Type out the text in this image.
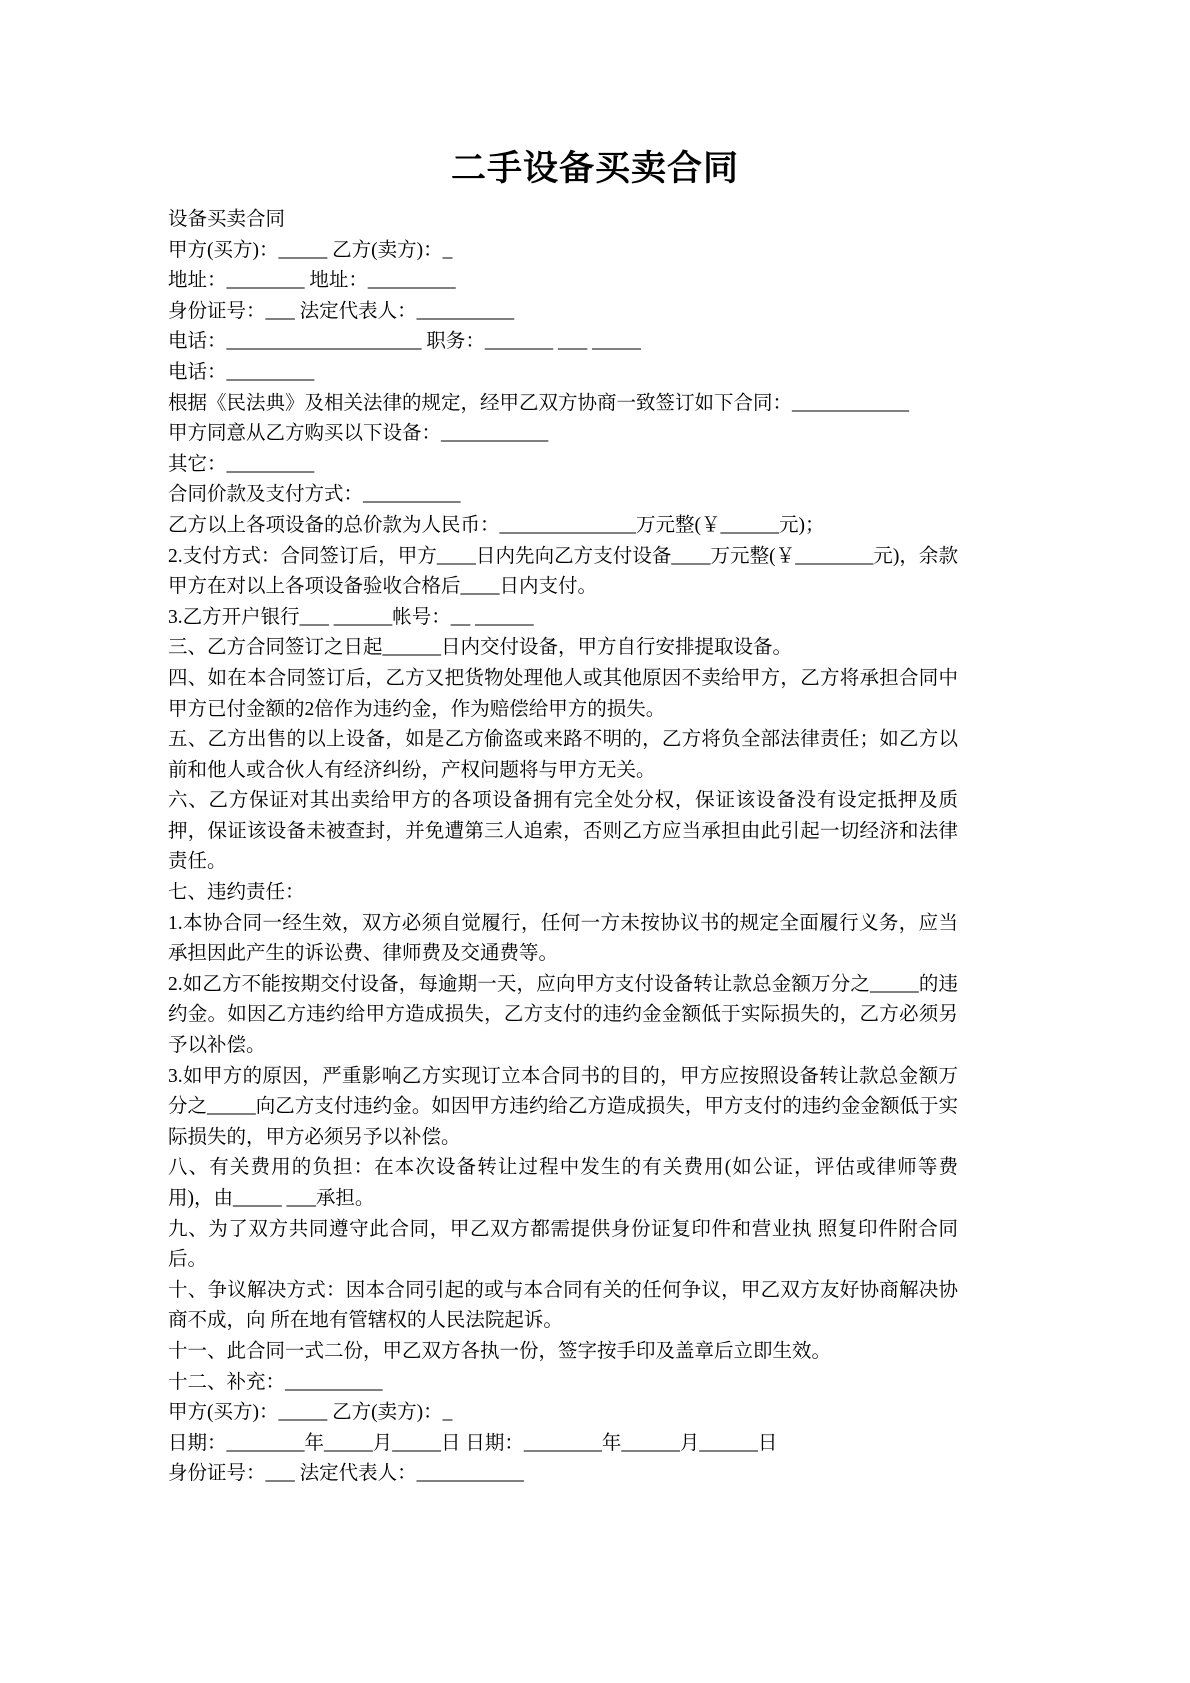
二手设备买卖合同

设备买卖合同

甲方(买方)：_____ 乙方(卖方)：_

地址：________ 地址：_________

身份证号：___ 法定代表人：__________

电话：____________________ 职务：_______ ___ _____

电话：_________

根据《民法典》及相关法律的规定，经甲乙双方协商一致签订如下合同：____________

甲方同意从乙方购买以下设备：___________

其它：_________

合同价款及支付方式：__________

乙方以上各项设备的总价款为人民币：______________万元整(￥______元)；

2.支付方式：合同签订后，甲方____日内先向乙方支付设备____万元整(￥________元)，余款甲方在对以上各项设备验收合格后____日内支付。

3.乙方开户银行___ ______帐号：__ ______

三、乙方合同签订之日起______日内交付设备，甲方自行安排提取设备。

四、如在本合同签订后，乙方又把货物处理他人或其他原因不卖给甲方，乙方将承担合同中甲方已付金额的2倍作为违约金，作为赔偿给甲方的损失。

五、乙方出售的以上设备，如是乙方偷盗或来路不明的，乙方将负全部法律责任；如乙方以前和他人或合伙人有经济纠纷，产权问题将与甲方无关。

六、乙方保证对其出卖给甲方的各项设备拥有完全处分权，保证该设备没有设定抵押及质押，保证该设备未被查封，并免遭第三人追索，否则乙方应当承担由此引起一切经济和法律责任。

七、违约责任：

1.本协合同一经生效，双方必须自觉履行，任何一方未按协议书的规定全面履行义务，应当承担因此产生的诉讼费、律师费及交通费等。

2.如乙方不能按期交付设备，每逾期一天，应向甲方支付设备转让款总金额万分之_____的违约金。如因乙方违约给甲方造成损失，乙方支付的违约金金额低于实际损失的，乙方必须另予以补偿。

3.如甲方的原因，严重影响乙方实现订立本合同书的目的，甲方应按照设备转让款总金额万分之_____向乙方支付违约金。如因甲方违约给乙方造成损失，甲方支付的违约金金额低于实际损失的，甲方必须另予以补偿。

八、有关费用的负担：在本次设备转让过程中发生的有关费用(如公证，评估或律师等费用)，由_____ ___承担。

九、为了双方共同遵守此合同，甲乙双方都需提供身份证复印件和营业执 照复印件附合同后。

十、争议解决方式：因本合同引起的或与本合同有关的任何争议，甲乙双方友好协商解决协商不成，向 所在地有管辖权的人民法院起诉。

十一、此合同一式二份，甲乙双方各执一份，签字按手印及盖章后立即生效。

十二、补充：__________

甲方(买方)：_____ 乙方(卖方)：_

日期：________年_____月_____日 日期：________年______月______日

身份证号：___ 法定代表人：___________
